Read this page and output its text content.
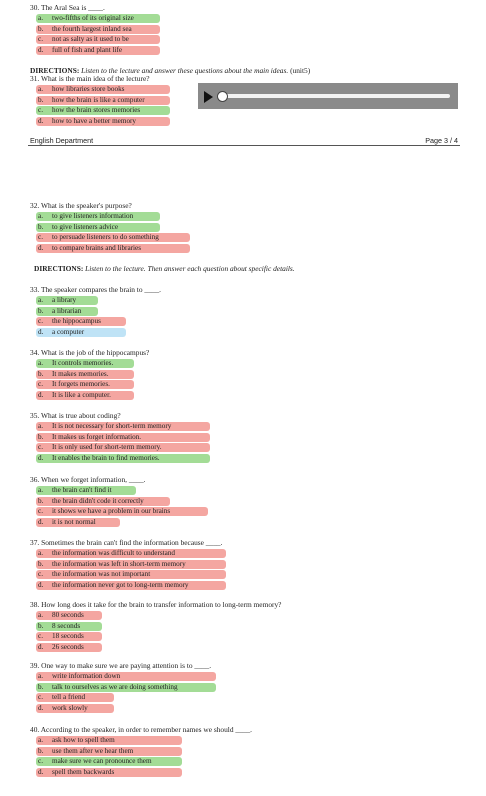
30. The Aral Sea is ____.
a. two-fifths of its original size
b. the fourth largest inland sea
c. not as salty as it used to be
d. full of fish and plant life
31. What is the main idea of the lecture?
a. how libraries store books
b. how the brain is like a computer
c. how the brain stores memories
d. how to have a better memory
DIRECTIONS: Listen to the lecture and answer these questions about the main ideas. (unit5)
English Department	Page 3 / 4
32. What is the speaker's purpose?
a. to give listeners information
b. to give listeners advice
c. to persuade listeners to do something
d. to compare brains and libraries
33. The speaker compares the brain to ____.
a. a library
b. a librarian
c. the hippocampus
d. a computer
34. What is the job of the hippocampus?
a. It controls memories.
b. It makes memories.
c. It forgets memories.
d. It is like a computer.
35. What is true about coding?
a. It is not necessary for short-term memory
b. It makes us forget information.
c. It is only used for short-term memory.
d. It enables the brain to find memories.
36. When we forget information, ____.
a. the brain can't find it
b. the brain didn't code it correctly
c. it shows we have a problem in our brains
d. it is not normal
37. Sometimes the brain can't find the information because ____.
a. the information was difficult to understand
b. the information was left in short-term memory
c. the information was not important
d. the information never got to long-term memory
38. How long does it take for the brain to transfer information to long-term memory?
a. 80 seconds
b. 8 seconds
c. 18 seconds
d. 26 seconds
39. One way to make sure we are paying attention is to ____.
a. write information down
b. talk to ourselves as we are doing something
c. tell a friend
d. work slowly
40. According to the speaker, in order to remember names we should ____.
a. ask how to spell them
b. use them after we hear them
c. make sure we can pronounce them
d. spell them backwards
DIRECTIONS: Listen to the lecture. Then answer each question about specific details.
